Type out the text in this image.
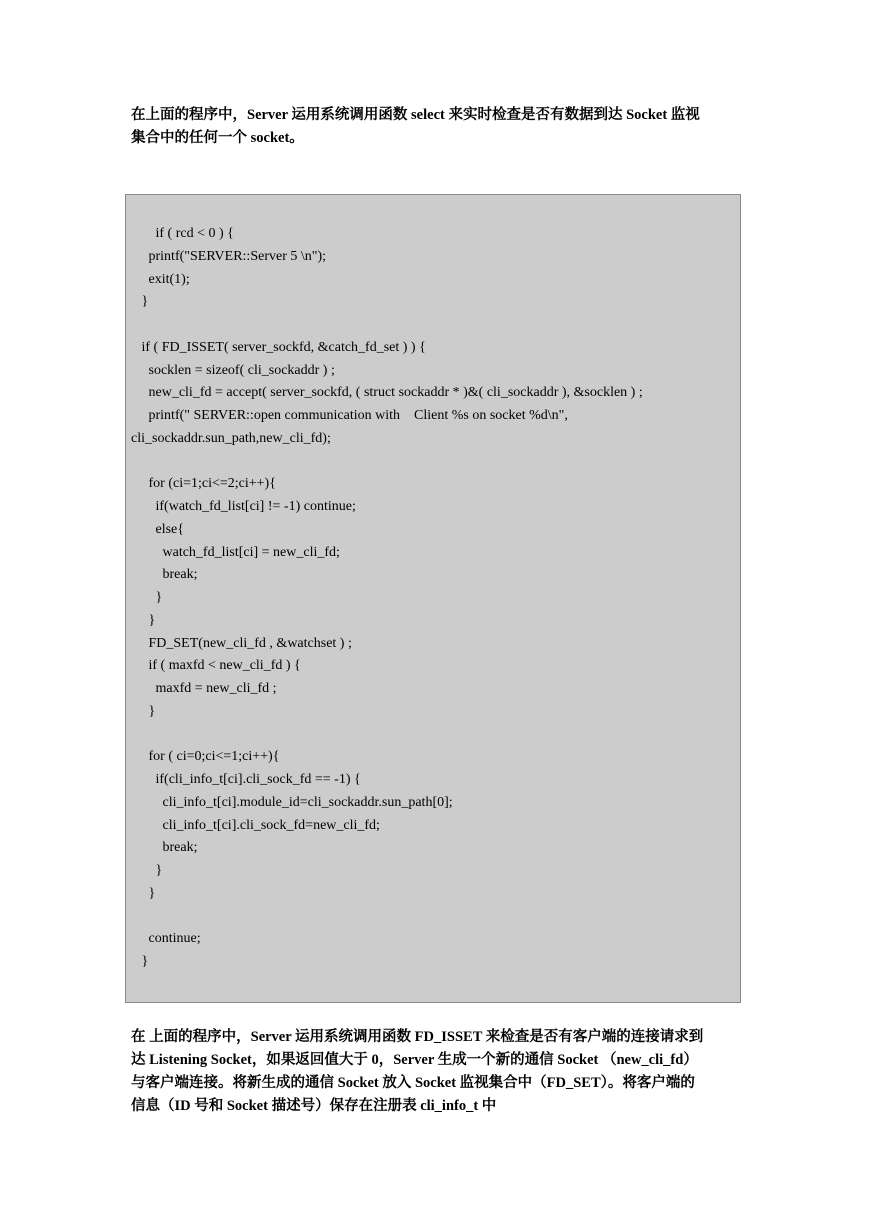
在上面的程序中，Server 运用系统调用函数 select 来实时检查是否有数据到达 Socket 监视
集合中的任何一个 socket。

if ( rcd < 0 ) {
printf("SERVER::Server 5 \n");
exit(1);
}
if ( FD_ISSET( server_sockfd, &catch_fd_set ) ) {
socklen = sizeof( cli_sockaddr ) ;
new_cli_fd = accept( server_sockfd, ( struct sockaddr * )&( cli_sockaddr ), &socklen ) ;
printf(" SERVER::open communication with    Client %s on socket %d\n",
cli_sockaddr.sun_path,new_cli_fd);
for (ci=1;ci<=2;ci++){
if(watch_fd_list[ci] != -1) continue;
else{
watch_fd_list[ci] = new_cli_fd;
break;
}
}
FD_SET(new_cli_fd , &watchset ) ;
if ( maxfd < new_cli_fd ) {
maxfd = new_cli_fd ;
}
for ( ci=0;ci<=1;ci++){
if(cli_info_t[ci].cli_sock_fd == -1) {
cli_info_t[ci].module_id=cli_sockaddr.sun_path[0];
cli_info_t[ci].cli_sock_fd=new_cli_fd;
break;
}
}
continue;
}

在 上面的程序中，Server 运用系统调用函数 FD_ISSET 来检查是否有客户端的连接请求到
达 Listening Socket，如果返回值大于 0，Server 生成一个新的通信 Socket （new_cli_fd）
与客户端连接。将新生成的通信 Socket 放入 Socket 监视集合中（FD_SET）。将客户端的
信息（ID 号和 Socket 描述号）保存在注册表 cli_info_t 中
